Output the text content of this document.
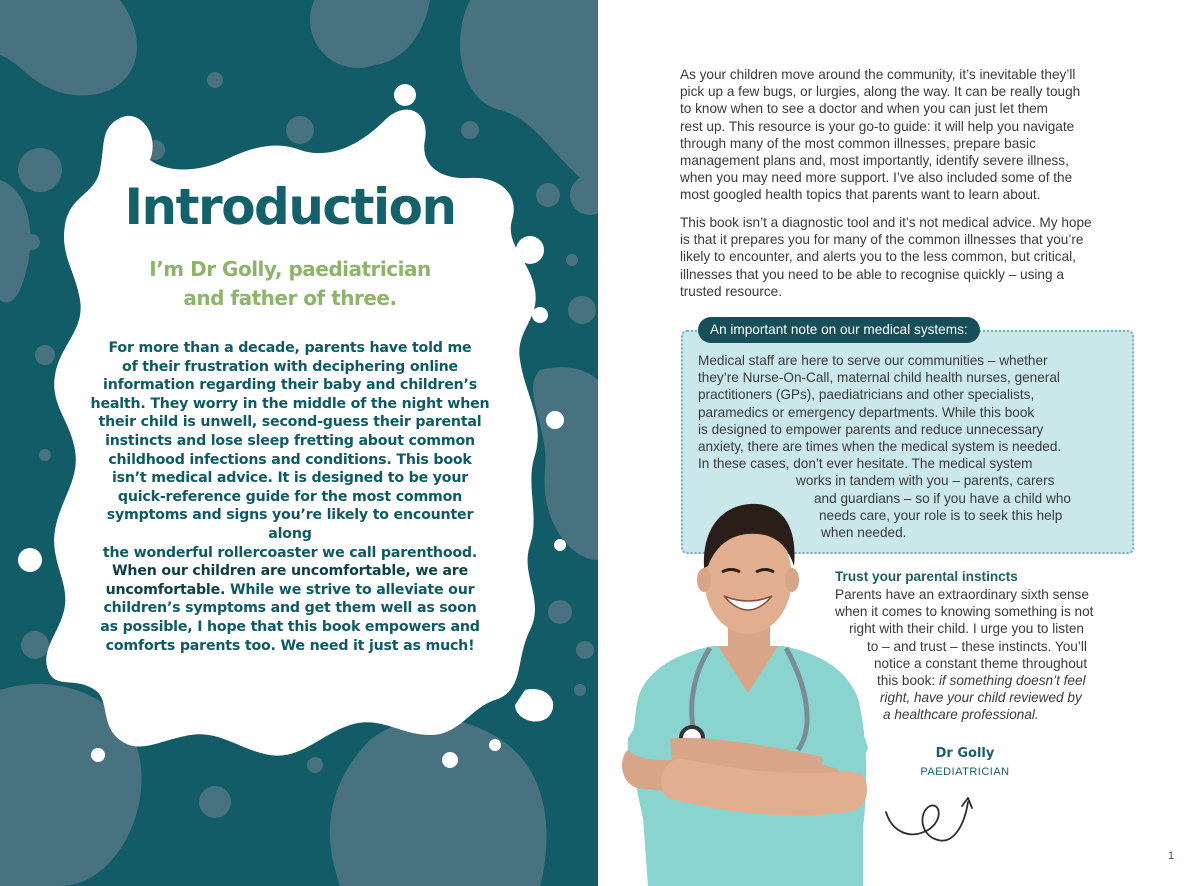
Introduction
I’m Dr Golly, paediatrician
and father of three.
For more than a decade, parents have told me
of their frustration with deciphering online
information regarding their baby and children’s
health. They worry in the middle of the night when
their child is unwell, second-guess their parental
instincts and lose sleep fretting about common
childhood infections and conditions. This book
isn’t medical advice. It is designed to be your
quick-reference guide for the most common
symptoms and signs you’re likely to encounter along
the wonderful rollercoaster we call parenthood.
When our children are uncomfortable, we are
uncomfortable. While we strive to alleviate our
children’s symptoms and get them well as soon
as possible, I hope that this book empowers and
comforts parents too. We need it just as much!
As your children move around the community, it’s inevitable they’ll
pick up a few bugs, or lurgies, along the way. It can be really tough
to know when to see a doctor and when you can just let them
rest up. This resource is your go-to guide: it will help you navigate
through many of the most common illnesses, prepare basic
management plans and, most importantly, identify severe illness,
when you may need more support. I’ve also included some of the
most googled health topics that parents want to learn about.
This book isn’t a diagnostic tool and it’s not medical advice. My hope
is that it prepares you for many of the common illnesses that you’re
likely to encounter, and alerts you to the less common, but critical,
illnesses that you need to be able to recognise quickly – using a
trusted resource.
An important note on our medical systems:
Medical staff are here to serve our communities – whether
they’re Nurse-On-Call, maternal child health nurses, general
practitioners (GPs), paediatricians and other specialists,
paramedics or emergency departments. While this book
is designed to empower parents and reduce unnecessary
anxiety, there are times when the medical system is needed.
In these cases, don’t ever hesitate. The medical system
works in tandem with you – parents, carers
and guardians – so if you have a child who
needs care, your role is to seek this help
when needed.
Trust your parental instincts
Parents have an extraordinary sixth sense
when it comes to knowing something is not
right with their child. I urge you to listen
to – and trust – these instincts. You’ll
notice a constant theme throughout
this book: if something doesn’t feel
right, have your child reviewed by
a healthcare professional.
Dr Golly
PAEDIATRICIAN
1
